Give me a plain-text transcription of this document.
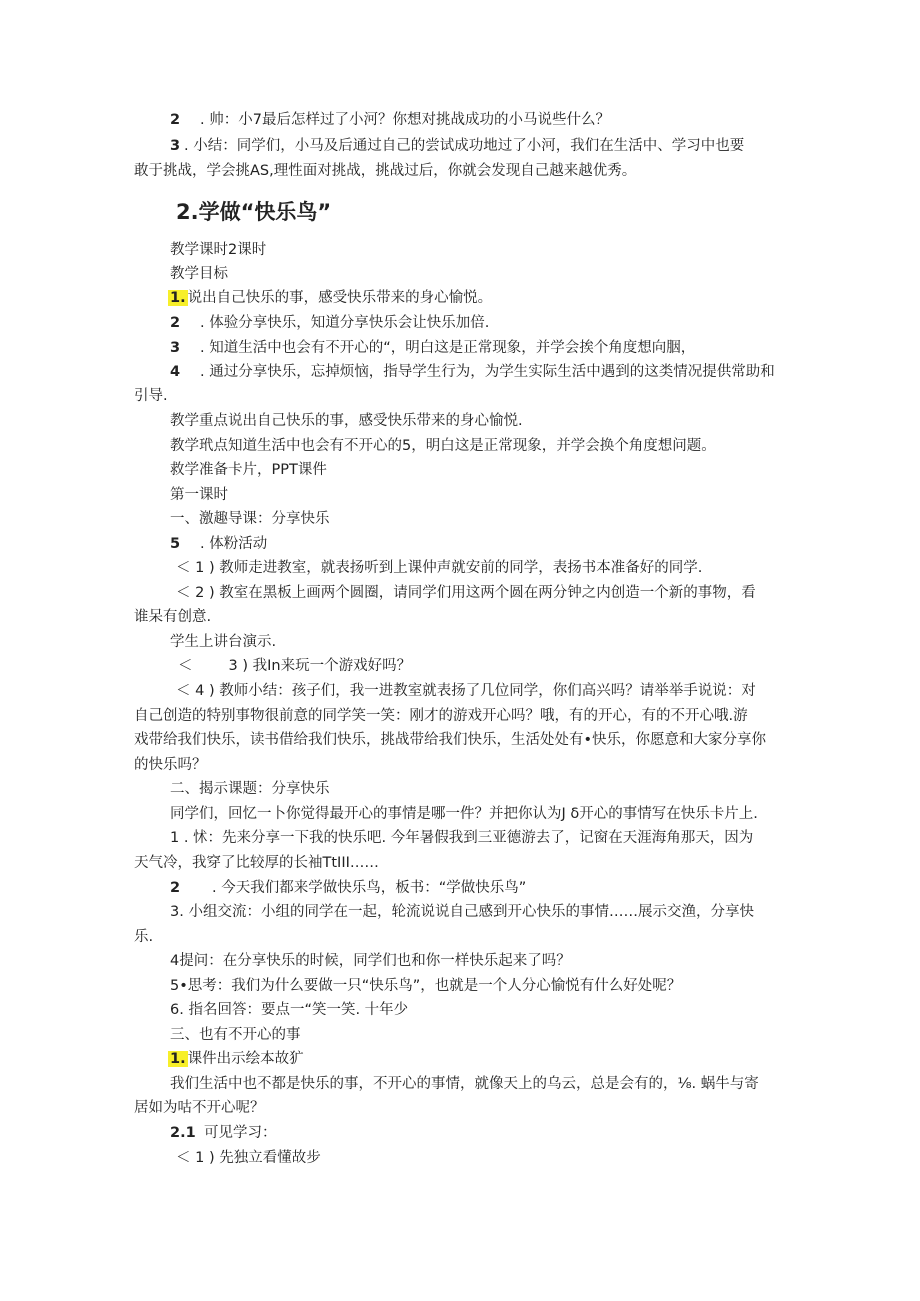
2 . 帅：小7最后怎样过了小河？你想对挑战成功的小马说些什么？
3 . 小结：同学们，小马及后通过自己的尝试成功地过了小河，我们在生活中、学习中也要
敢于挑战，学会挑AS,理性面对挑战，挑战过后，你就会发现自己越来越优秀。
2.学做“快乐鸟”
教学课时2课时
教学目标
1. 说出自己快乐的事，感受快乐带来的身心愉悦。
2 . 体验分享快乐，知道分享快乐会让快乐加倍.
3 . 知道生活中也会有不开心的“，明白这是正常现象，并学会挨个角度想向胭，
4 . 通过分享快乐，忘掉烦恼，指导学生行为，为学生实际生活中遇到的这类情况提供常助和
引导.
教学重点说出自己快乐的事，感受快乐带来的身心愉悦.
教学玳点知道生活中也会有不开心的5，明白这是正常现象，并学会换个角度想问题。
救学准备卡片，PPT课件
第一课时
一、激趣导课：分享快乐
5 . 体粉活动
＜ 1 ) 教师走进教室，就表扬听到上课仲声就安前的同学，表扬书本准备好的同学.
＜ 2 ) 教室在黑板上画两个圆圈，请同学们用这两个圆在两分钟之内创造一个新的事物，看
谁呆有创意.
学生上讲台演示.
＜ 3 ) 我In来玩一个游戏好吗？
＜ 4 ) 教师小结：孩子们，我一进教室就表扬了几位同学，你们高兴吗？请举举手说说：对
自己创造的特别事物很前意的同学笑一笑：刚才的游戏开心吗？哦，有的开心，有的不开心哦.游
戏带给我们快乐，读书借给我们快乐，挑战带给我们快乐，生活处处有•快乐，你愿意和大家分享你
的快乐吗？
二、揭示课题：分享快乐
同学们，回忆一卜你觉得最开心的事情是哪一件？并把你认为J δ开心的事情写在快乐卡片上.
1 . 怵：先来分享一下我的快乐吧. 今年暑假我到三亚德游去了，记窗在天涯海角那天，因为
天气冷，我穿了比较厚的长袖TtIII……
2 . 今天我们都来学做快乐鸟，板书：“学做快乐鸟”
3. 小组交流：小组的同学在一起，轮流说说自己感到开心快乐的事情……展示交渔，分享快
乐.
4提问：在分享快乐的时候，同学们也和你一样快乐起来了吗？
5•思考：我们为什么要做一只“快乐鸟”，也就是一个人分心愉悦有什么好处呢？
6. 指名回答：要点一“笑一笑. 十年少
三、也有不开心的事
1. 课件出示绘本故犷
我们生活中也不都是快乐的事，不开心的事情，就像天上的乌云，总是会有的，⅛. 蜗牛与寄
居如为咕不开心呢？
2.1 可见学习：
＜ 1 ) 先独立看懂故步
